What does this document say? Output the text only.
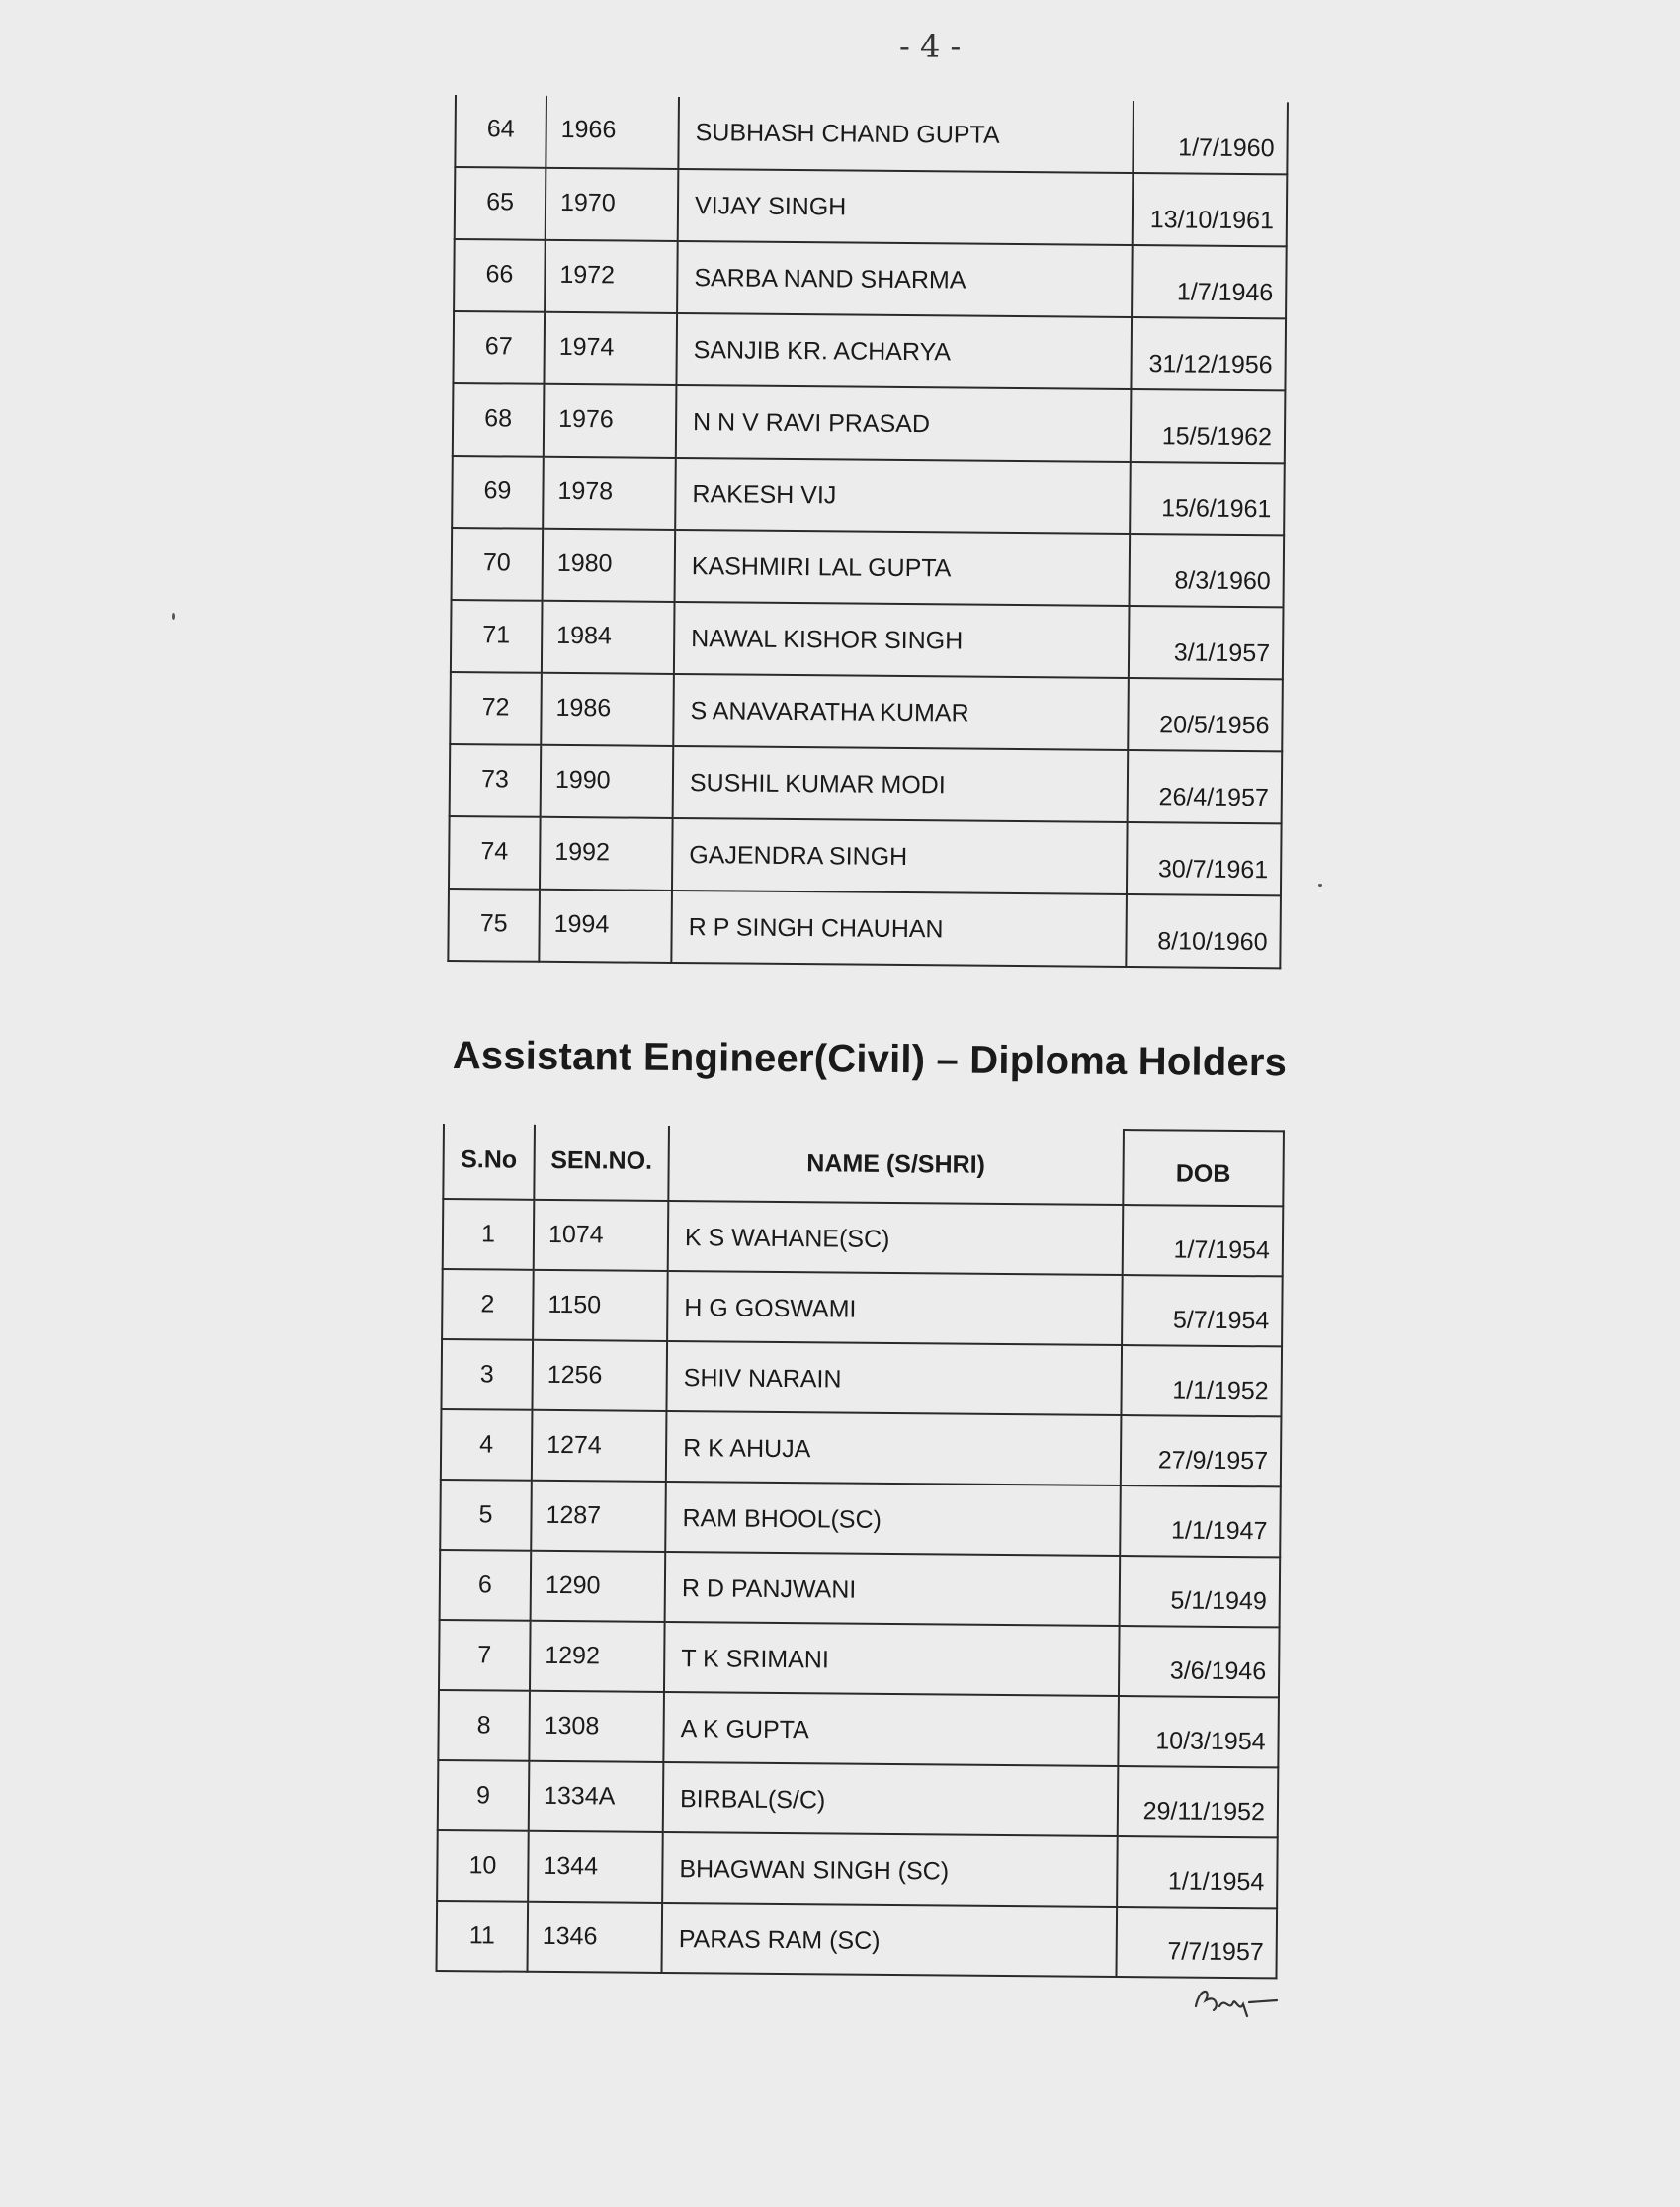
- 4 -
64	1966	SUBHASH CHAND GUPTA	1/7/1960
65	1970	VIJAY SINGH	13/10/1961
66	1972	SARBA NAND SHARMA	1/7/1946
67	1974	SANJIB KR. ACHARYA	31/12/1956
68	1976	N N V RAVI PRASAD	15/5/1962
69	1978	RAKESH VIJ	15/6/1961
70	1980	KASHMIRI LAL GUPTA	8/3/1960
71	1984	NAWAL KISHOR SINGH	3/1/1957
72	1986	S ANAVARATHA KUMAR	20/5/1956
73	1990	SUSHIL KUMAR MODI	26/4/1957
74	1992	GAJENDRA SINGH	30/7/1961
75	1994	R P SINGH CHAUHAN	8/10/1960
Assistant Engineer(Civil) – Diploma Holders
S.No	SEN.NO.	NAME (S/SHRI)	DOB
1	1074	K S WAHANE(SC)	1/7/1954
2	1150	H G GOSWAMI	5/7/1954
3	1256	SHIV NARAIN	1/1/1952
4	1274	R K AHUJA	27/9/1957
5	1287	RAM BHOOL(SC)	1/1/1947
6	1290	R D PANJWANI	5/1/1949
7	1292	T K SRIMANI	3/6/1946
8	1308	A K GUPTA	10/3/1954
9	1334A	BIRBAL(S/C)	29/11/1952
10	1344	BHAGWAN SINGH (SC)	1/1/1954
11	1346	PARAS RAM (SC)	7/7/1957
